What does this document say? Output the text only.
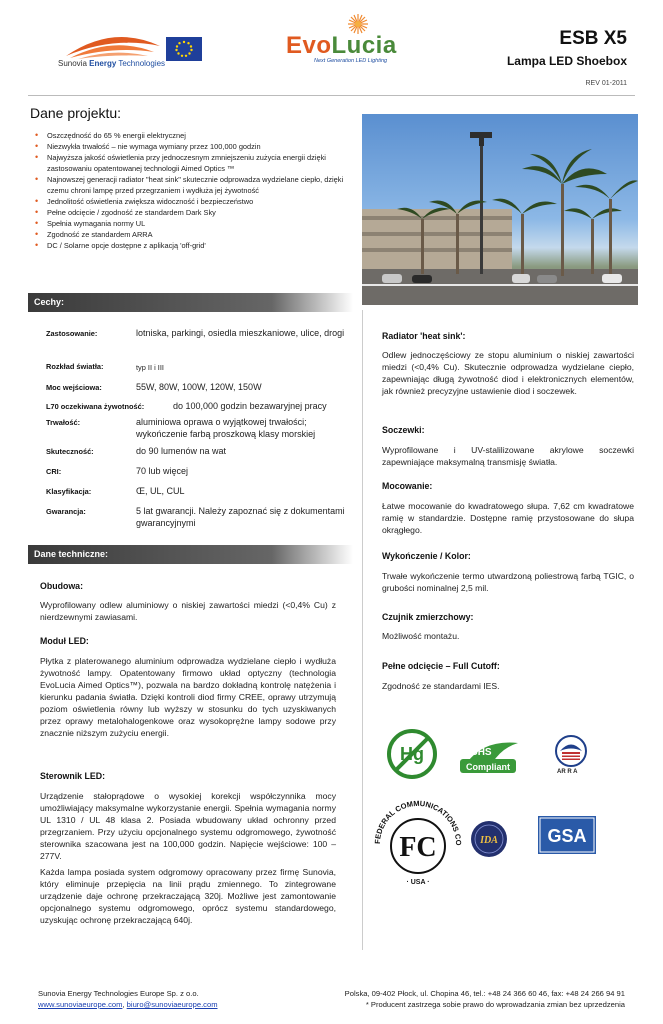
Sunovia Energy Technologies
EvoLucia
Next Generation LED Lighting
ESB X5
Lampa LED Shoebox
REV 01-2011
Dane projektu:
• Oszczędność do 65 % energii elektrycznej
• Niezwykła trwałość – nie wymaga wymiany przez 100,000 godzin
• Najwyższa jakość oświetlenia przy jednoczesnym zmniejszeniu zużycia energii dzięki zastosowaniu opatentowanej technologii Aimed Optics ™
• Najnowszej generacji radiator "heat sink" skutecznie odprowadza wydzielane ciepło, dzięki czemu chroni lampę przed przegrzaniem i wydłuża jej żywotność
• Jednolitość oświetlenia zwiększa widoczność i bezpieczeństwo
• Pełne odcięcie / zgodność ze standardem Dark Sky
• Spełnia wymagania normy UL
• Zgodność ze standardem ARRA
• DC / Solarne opcje dostępne z aplikacją 'off-grid'
Cechy:
Zastosowanie:	lotniska, parkingi, osiedla mieszkaniowe, ulice, drogi
Rozkład światła:	typ II i III
Moc wejściowa:	55W, 80W, 100W, 120W, 150W
L70 oczekiwana żywotność:	do 100,000 godzin bezawaryjnej pracy
Trwałość:	aluminiowa oprawa o wyjątkowej trwałości; wykończenie farbą proszkową klasy morskiej
Skuteczność:	do 90 lumenów na wat
CRI:	70 lub więcej
Klasyfikacja:	Œ, UL, CUL
Gwarancja:	5 lat gwarancji. Należy zapoznać się z dokumentami gwarancyjnymi
Dane techniczne:
Obudowa:
Wyprofilowany odlew aluminiowy o niskiej zawartości miedzi (<0,4% Cu) z nierdzewnymi zawiasami.
Moduł LED:
Płytka z platerowanego aluminium odprowadza wydzielane ciepło i wydłuża żywotność lampy. Opatentowany firmowo układ optyczny (technologia EvoLucia Aimed Optics™), pozwala na bardzo dokładną kontrolę natężenia i kierunku padania światła. Dzięki kontroli diod firmy CREE, oprawy utrzymują poziom oświetlenia równy lub wyższy w stosunku do tych uzyskiwanych przez oprawy metalohalogenkowe oraz wysokoprężne lampy sodowe przy znacznie niższym zużyciu energii.
Sterownik LED:
Urządzenie stałoprądowe o wysokiej korekcji współczynnika mocy umożliwiający maksymalne wykorzystanie energii. Spełnia wymagania normy UL 1310 / UL 48 klasa 2. Posiada wbudowany układ ochronny przed przegrzaniem. Przy użyciu opcjonalnego systemu odgromowego, żywotność sterownika szacowana jest na 100,000 godzin. Napięcie wejściowe: 100 – 277V.
Każda lampa posiada system odgromowy opracowany przez firmę Sunovia, który eliminuje przepięcia na linii prądu zmiennego. To zintegrowane urządzenie daje ochronę przekraczającą 320j. Możliwe jest zamontowanie opcjonalnego systemu odgromowego, oprócz systemu standardowego, uzyskując ochronę przekraczającą 640j.
Radiator 'heat sink':
Odlew jednoczęściowy ze stopu aluminium o niskiej zawartości miedzi (<0,4% Cu). Skutecznie odprowadza wydzielane ciepło, zapewniając długą żywotność diod i elektronicznych elementów, jak również precyzyjne ustawienie diod i soczewek.
Soczewki:
Wyprofilowane i UV-stalilizowane akrylowe soczewki zapewniające maksymalną transmisję światła.
Mocowanie:
Łatwe mocowanie do kwadratowego słupa. 7,62 cm kwadratowe ramię w standardzie. Dostępne ramię przystosowane do słupa okrągłego.
Wykończenie / Kolor:
Trwałe wykończenie termo utwardzoną poliestrową farbą TGIC, o grubości nominalnej 2,5 mil.
Czujnik zmierzchowy:
Możliwość montażu.
Pełne odcięcie – Full Cutoff:
Zgodność ze standardami IES.
Hg	RoHS
Compliant	AR R A
FEDERAL COMMUNICATIONS CO
FC
· USA ·
IDA	GSA
Sunovia Energy Technologies Europe Sp. z o.o.	Polska, 09-402 Płock, ul. Chopina 46, tel.: +48 24 366 60 46, fax: +48 24 266 94 91
www.sunoviaeurope.com, biuro@sunoviaeurope.com	* Producent zastrzega sobie prawo do wprowadzania zmian bez uprzedzenia
